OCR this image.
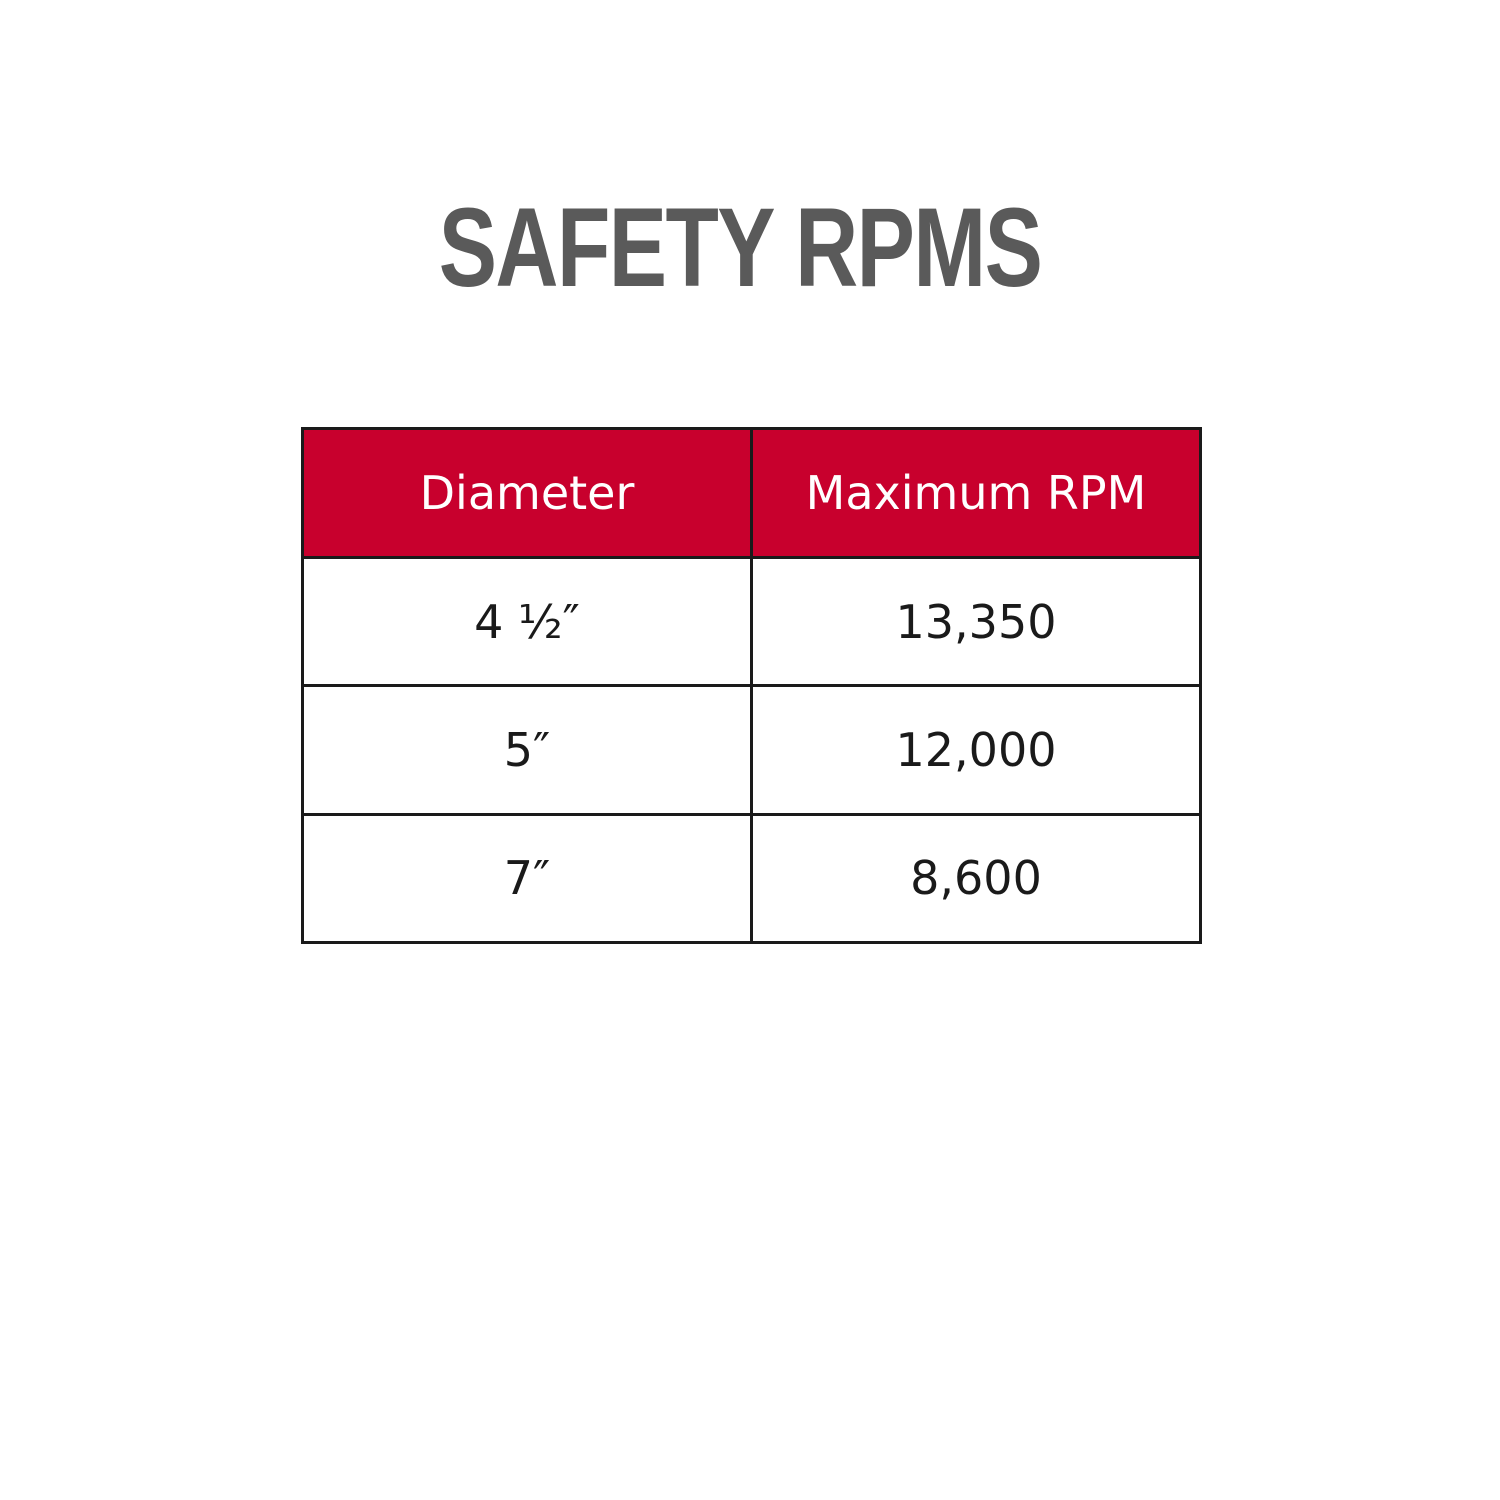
SAFETY RPMS
Diameter	Maximum RPM
4 ½″	13,350
5″	12,000
7″	8,600
